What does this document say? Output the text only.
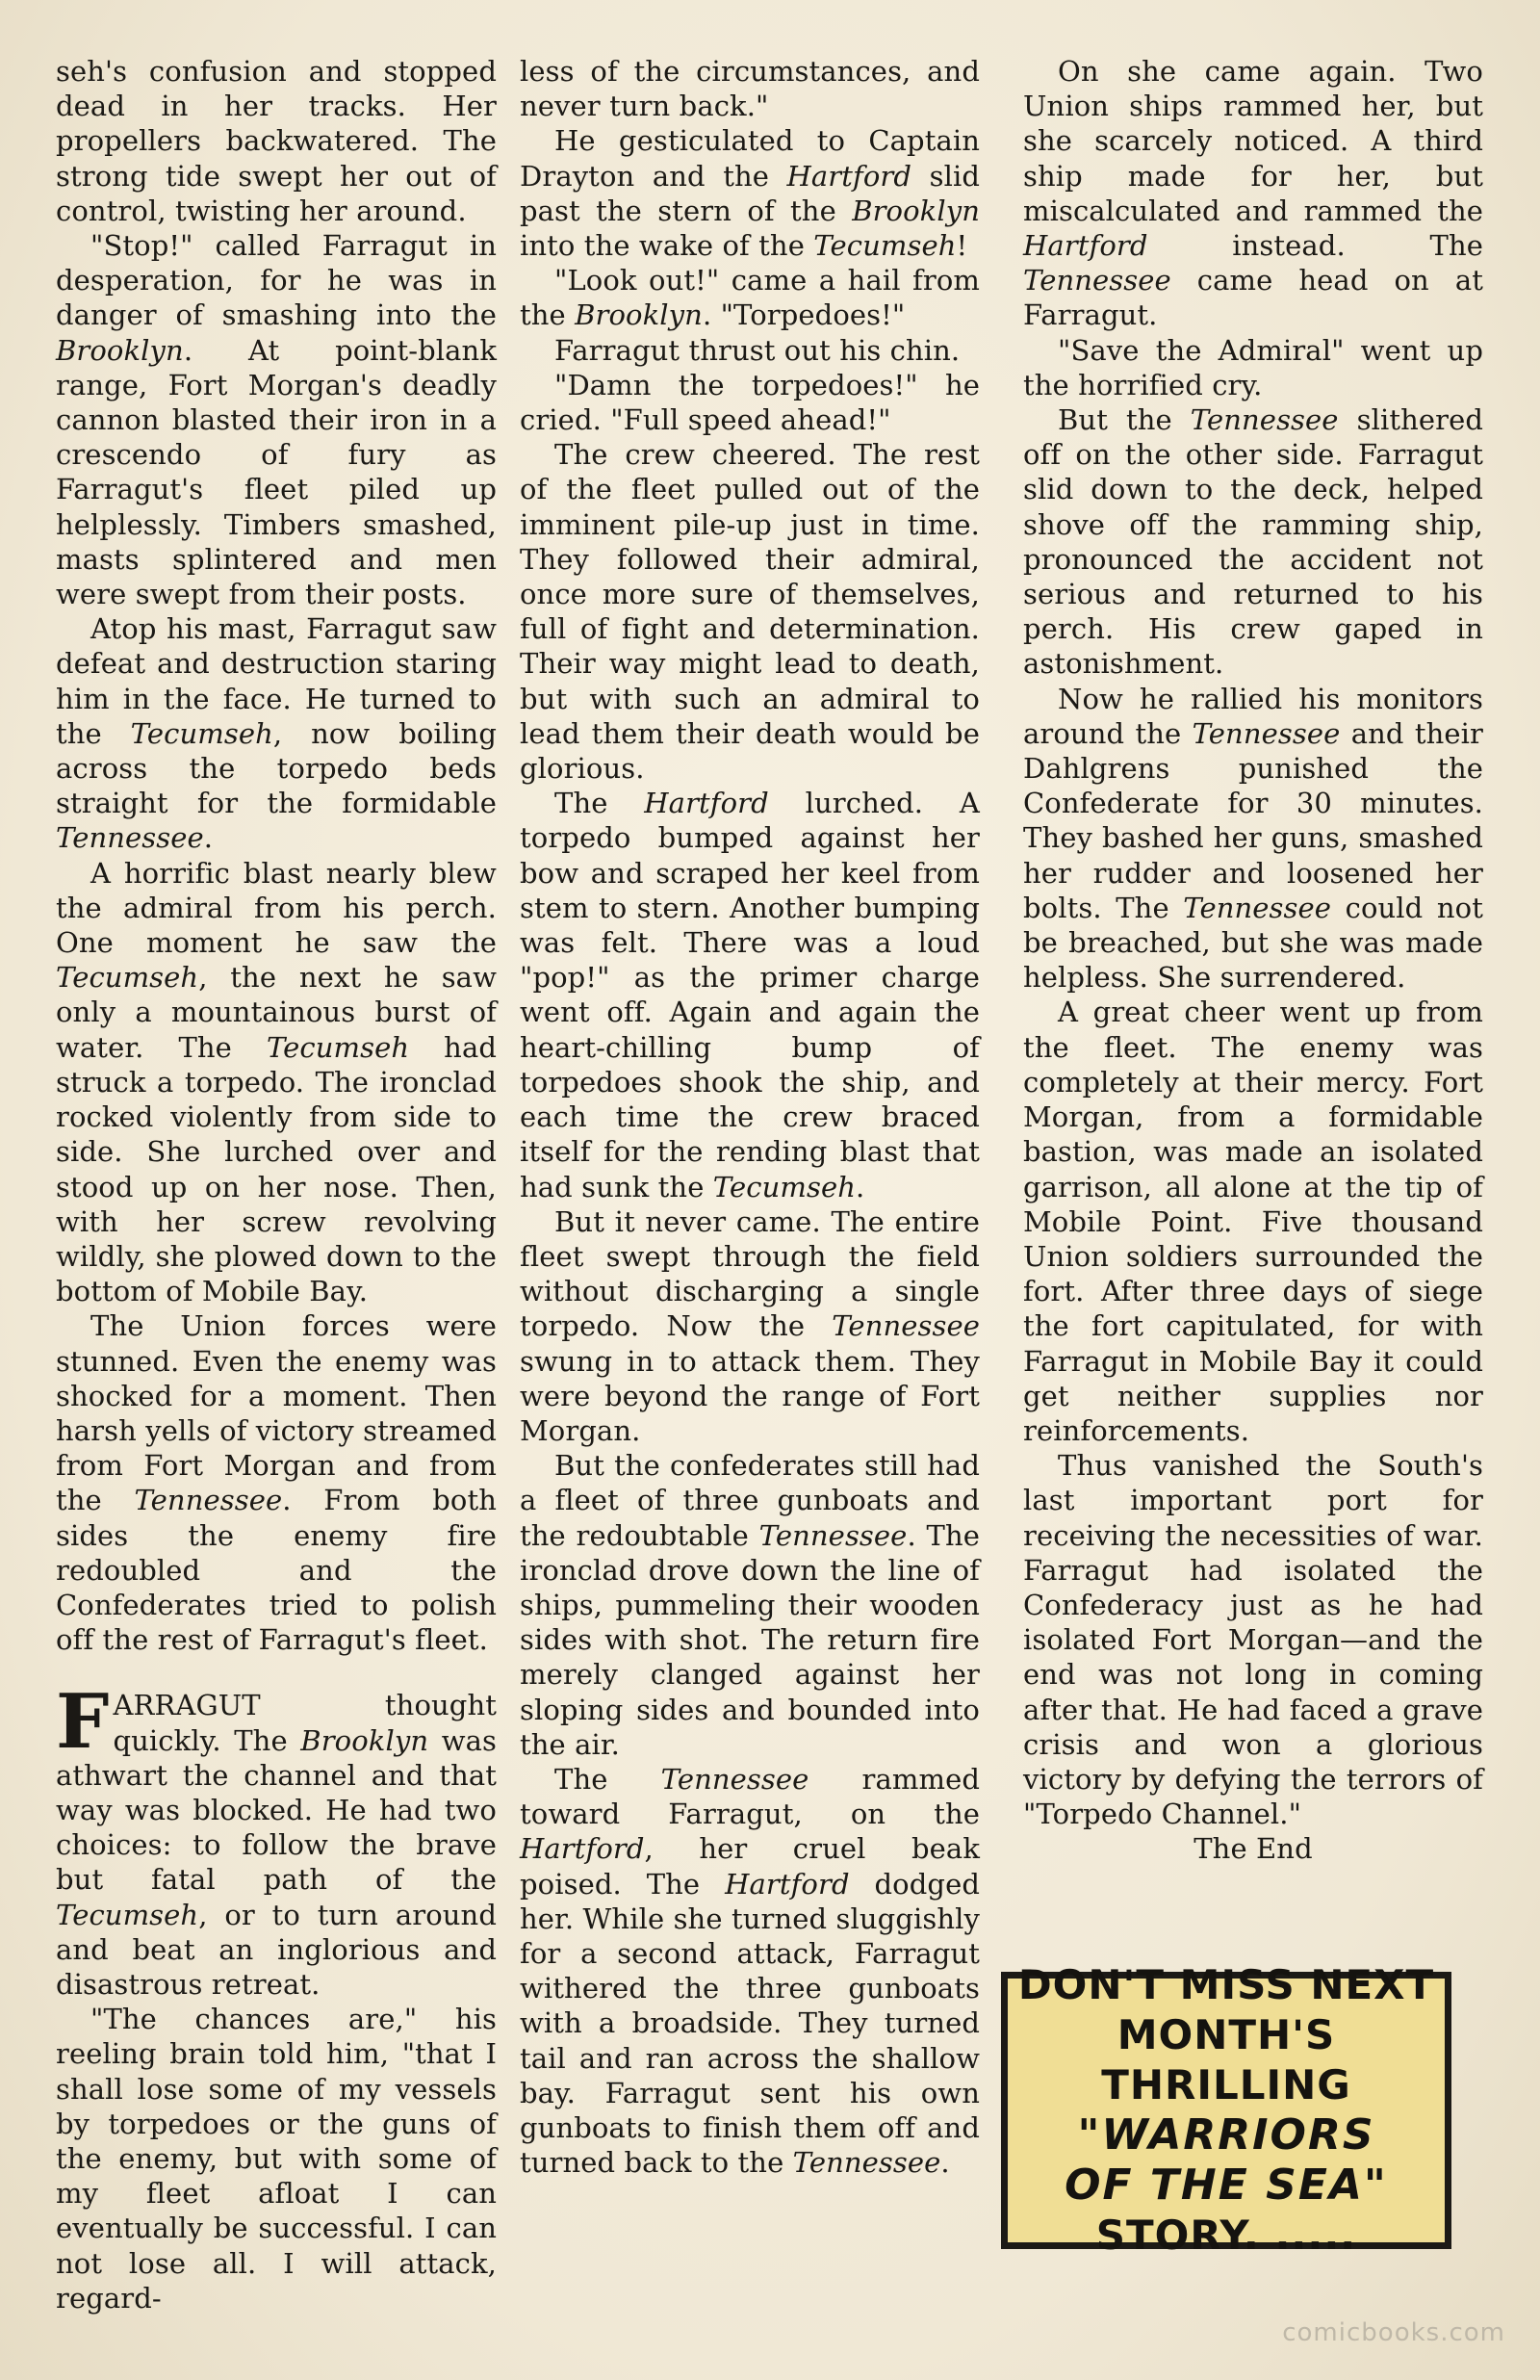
seh's confusion and stopped dead in her tracks. Her propellers backwatered. The strong tide swept her out of control, twisting her around.

"Stop!" called Farragut in desperation, for he was in danger of smashing into the Brooklyn. At point-blank range, Fort Morgan's deadly cannon blasted their iron in a crescendo of fury as Farragut's fleet piled up helplessly. Timbers smashed, masts splintered and men were swept from their posts.

Atop his mast, Farragut saw defeat and destruction staring him in the face. He turned to the Tecumseh, now boiling across the torpedo beds straight for the formidable Tennessee.

A horrific blast nearly blew the admiral from his perch. One moment he saw the Tecumseh, the next he saw only a mountainous burst of water. The Tecumseh had struck a torpedo. The ironclad rocked violently from side to side. She lurched over and stood up on her nose. Then, with her screw revolving wildly, she plowed down to the bottom of Mobile Bay.

The Union forces were stunned. Even the enemy was shocked for a moment. Then harsh yells of victory streamed from Fort Morgan and from the Tennessee. From both sides the enemy fire redoubled and the Confederates tried to polish off the rest of Farragut's fleet.

FARRAGUT thought quickly. The Brooklyn was athwart the channel and that way was blocked. He had two choices: to follow the brave but fatal path of the Tecumseh, or to turn around and beat an inglorious and disastrous retreat.

"The chances are," his reeling brain told him, "that I shall lose some of my vessels by torpedoes or the guns of the enemy, but with some of my fleet afloat I can eventually be successful. I can not lose all. I will attack, regard-

less of the circumstances, and never turn back."

He gesticulated to Captain Drayton and the Hartford slid past the stern of the Brooklyn into the wake of the Tecumseh!

"Look out!" came a hail from the Brooklyn. "Torpedoes!"

Farragut thrust out his chin.

"Damn the torpedoes!" he cried. "Full speed ahead!"

The crew cheered. The rest of the fleet pulled out of the imminent pile-up just in time. They followed their admiral, once more sure of themselves, full of fight and determination. Their way might lead to death, but with such an admiral to lead them their death would be glorious.

The Hartford lurched. A torpedo bumped against her bow and scraped her keel from stem to stern. Another bumping was felt. There was a loud "pop!" as the primer charge went off. Again and again the heart-chilling bump of torpedoes shook the ship, and each time the crew braced itself for the rending blast that had sunk the Tecumseh.

But it never came. The entire fleet swept through the field without discharging a single torpedo. Now the Tennessee swung in to attack them. They were beyond the range of Fort Morgan.

But the confederates still had a fleet of three gunboats and the redoubtable Tennessee. The ironclad drove down the line of ships, pummeling their wooden sides with shot. The return fire merely clanged against her sloping sides and bounded into the air.

The Tennessee rammed toward Farragut, on the Hartford, her cruel beak poised. The Hartford dodged her. While she turned sluggishly for a second attack, Farragut withered the three gunboats with a broadside. They turned tail and ran across the shallow bay. Farragut sent his own gunboats to finish them off and turned back to the Tennessee.

On she came again. Two Union ships rammed her, but she scarcely noticed. A third ship made for her, but miscalculated and rammed the Hartford instead. The Tennessee came head on at Farragut.

"Save the Admiral" went up the horrified cry.

But the Tennessee slithered off on the other side. Farragut slid down to the deck, helped shove off the ramming ship, pronounced the accident not serious and returned to his perch. His crew gaped in astonishment.

Now he rallied his monitors around the Tennessee and their Dahlgrens punished the Confederate for 30 minutes. They bashed her guns, smashed her rudder and loosened her bolts. The Tennessee could not be breached, but she was made helpless. She surrendered.

A great cheer went up from the fleet. The enemy was completely at their mercy. Fort Morgan, from a formidable bastion, was made an isolated garrison, all alone at the tip of Mobile Point. Five thousand Union soldiers surrounded the fort. After three days of siege the fort capitulated, for with Farragut in Mobile Bay it could get neither supplies nor reinforcements.

Thus vanished the South's last important port for receiving the necessities of war. Farragut had isolated the Confederacy just as he had isolated Fort Morgan—and the end was not long in coming after that. He had faced a grave crisis and won a glorious victory by defying the terrors of "Torpedo Channel."

The End

DON'T MISS NEXT
MONTH'S THRILLING
"WARRIORS
OF THE SEA"
STORY. .....
comicbooks.com
